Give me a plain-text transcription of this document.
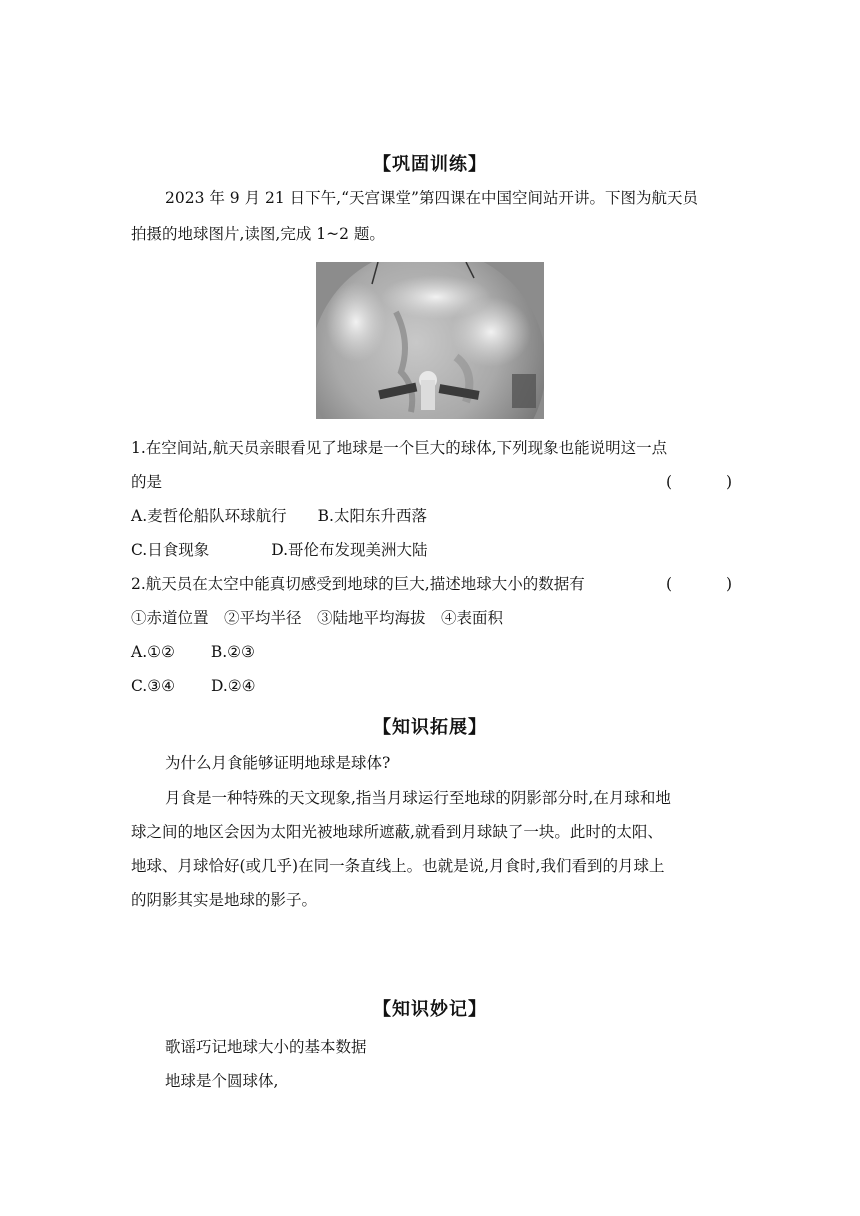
【巩固训练】
2023 年 9 月 21 日下午,“天宫课堂”第四课在中国空间站开讲。下图为航天员
拍摄的地球图片,读图,完成 1~2 题。
1.在空间站,航天员亲眼看见了地球是一个巨大的球体,下列现象也能说明这一点
的是	(	)
A.麦哲伦船队环球航行　　B.太阳东升西落
C.日食现象　　　　D.哥伦布发现美洲大陆
2.航天员在太空中能真切感受到地球的巨大,描述地球大小的数据有	(	)
①赤道位置　②平均半径　③陆地平均海拔　④表面积
A.①②　　 B.②③
C.③④　　 D.②④
【知识拓展】
为什么月食能够证明地球是球体?
月食是一种特殊的天文现象,指当月球运行至地球的阴影部分时,在月球和地
球之间的地区会因为太阳光被地球所遮蔽,就看到月球缺了一块。此时的太阳、
地球、月球恰好(或几乎)在同一条直线上。也就是说,月食时,我们看到的月球上
的阴影其实是地球的影子。
【知识妙记】
歌谣巧记地球大小的基本数据
地球是个圆球体,
